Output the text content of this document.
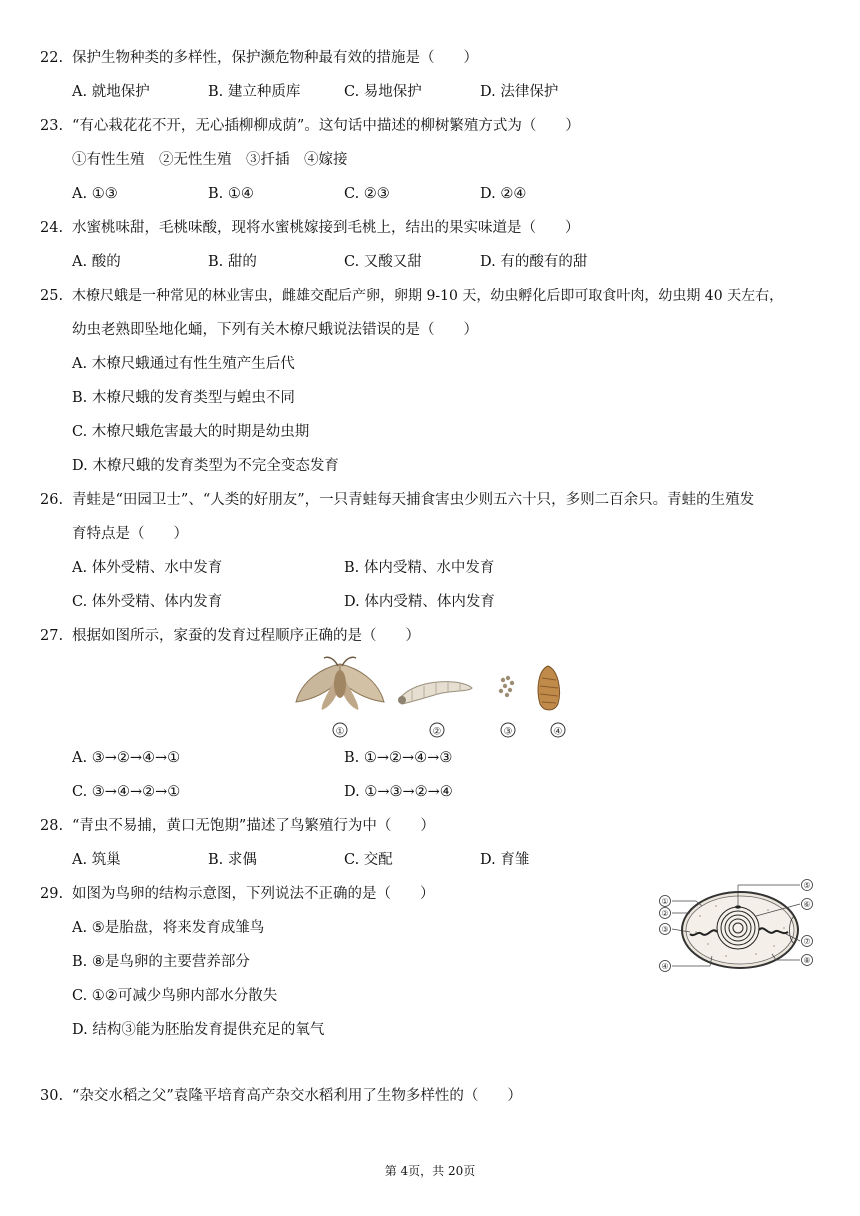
22. 保护生物种类的多样性，保护濒危物种最有效的措施是（　　）
A. 就地保护	B. 建立种质库	C. 易地保护	D. 法律保护
23. “有心栽花花不开，无心插柳柳成荫”。这句话中描述的柳树繁殖方式为（　　）
①有性生殖　②无性生殖　③扦插　④嫁接
A. ①③	B. ①④	C. ②③	D. ②④
24. 水蜜桃味甜，毛桃味酸，现将水蜜桃嫁接到毛桃上，结出的果实味道是（　　）
A. 酸的	B. 甜的	C. 又酸又甜	D. 有的酸有的甜
25. 木橑尺蛾是一种常见的林业害虫，雌雄交配后产卵，卵期 9-10 天，幼虫孵化后即可取食叶肉，幼虫期 40 天左右，
幼虫老熟即坠地化蛹，下列有关木橑尺蛾说法错误的是（　　）
A. 木橑尺蛾通过有性生殖产生后代
B. 木橑尺蛾的发育类型与蝗虫不同
C. 木橑尺蛾危害最大的时期是幼虫期
D. 木橑尺蛾的发育类型为不完全变态发育
26. 青蛙是“田园卫士”、“人类的好朋友”，一只青蛙每天捕食害虫少则五六十只，多则二百余只。青蛙的生殖发
育特点是（　　）
A. 体外受精、水中发育	B. 体内受精、水中发育
C. 体外受精、体内发育	D. 体内受精、体内发育
27. 根据如图所示，家蚕的发育过程顺序正确的是（　　）
①	②	③	④
A. ③→②→④→①	B. ①→②→④→③
C. ③→④→②→①	D. ①→③→②→④
28. “青虫不易捕，黄口无饱期”描述了鸟繁殖行为中（　　）
A. 筑巢	B. 求偶	C. 交配	D. 育雏
29. 如图为鸟卵的结构示意图，下列说法不正确的是（　　）
A. ⑤是胎盘，将来发育成雏鸟
B. ⑧是鸟卵的主要营养部分
C. ①②可减少鸟卵内部水分散失
D. 结构③能为胚胎发育提供充足的氧气
①
②
③
④
⑤
⑥
⑦
⑧
30. “杂交水稻之父”袁隆平培育高产杂交水稻利用了生物多样性的（　　）
第 4页，共 20页
